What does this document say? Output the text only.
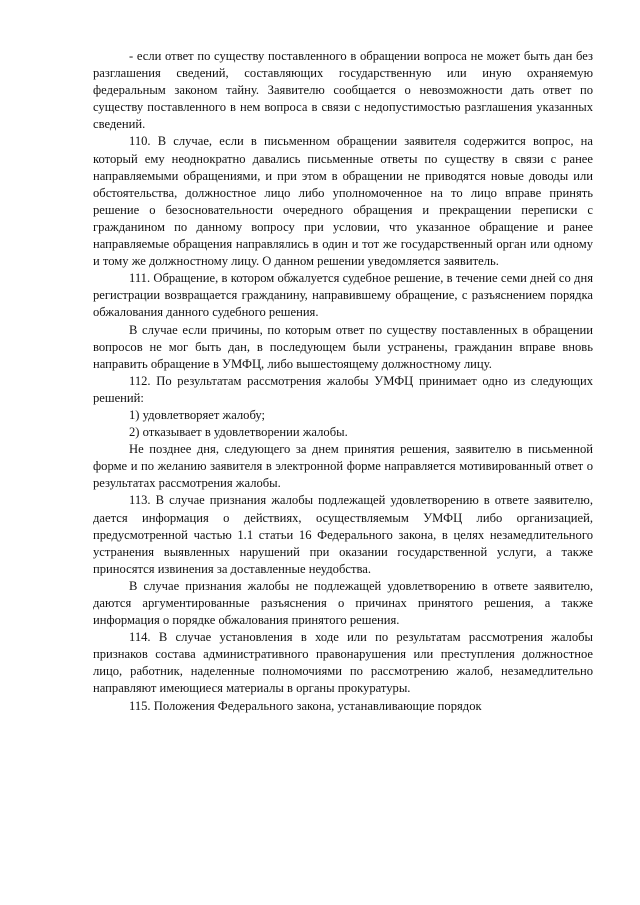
- если ответ по существу поставленного в обращении вопроса не может быть дан без разглашения сведений, составляющих государственную или иную охраняемую федеральным законом тайну. Заявителю сообщается о невозможности дать ответ по существу поставленного в нем вопроса в связи с недопустимостью разглашения указанных сведений.

110. В случае, если в письменном обращении заявителя содержится вопрос, на который ему неоднократно давались письменные ответы по существу в связи с ранее направляемыми обращениями, и при этом в обращении не приводятся новые доводы или обстоятельства, должностное лицо либо уполномоченное на то лицо вправе принять решение о безосновательности очередного обращения и прекращении переписки с гражданином по данному вопросу при условии, что указанное обращение и ранее направляемые обращения направлялись в один и тот же государственный орган или одному и тому же должностному лицу. О данном решении уведомляется заявитель.

111. Обращение, в котором обжалуется судебное решение, в течение семи дней со дня регистрации возвращается гражданину, направившему обращение, с разъяснением порядка обжалования данного судебного решения.

В случае если причины, по которым ответ по существу поставленных в обращении вопросов не мог быть дан, в последующем были устранены, гражданин вправе вновь направить обращение в УМФЦ, либо вышестоящему должностному лицу.

112. По результатам рассмотрения жалобы УМФЦ принимает одно из следующих решений:

1) удовлетворяет жалобу;

2) отказывает в удовлетворении жалобы.

Не позднее дня, следующего за днем принятия решения, заявителю в письменной форме и по желанию заявителя в электронной форме направляется мотивированный ответ о результатах рассмотрения жалобы.

113. В случае признания жалобы подлежащей удовлетворению в ответе заявителю, дается информация о действиях, осуществляемым УМФЦ либо организацией, предусмотренной частью 1.1 статьи 16 Федерального закона, в целях незамедлительного устранения выявленных нарушений при оказании государственной услуги, а также приносятся извинения за доставленные неудобства.

В случае признания жалобы не подлежащей удовлетворению в ответе заявителю, даются аргументированные разъяснения о причинах принятого решения, а также информация о порядке обжалования принятого решения.

114. В случае установления в ходе или по результатам рассмотрения жалобы признаков состава административного правонарушения или преступления должностное лицо, работник, наделенные полномочиями по рассмотрению жалоб, незамедлительно направляют имеющиеся материалы в органы прокуратуры.

115. Положения Федерального закона, устанавливающие порядок
